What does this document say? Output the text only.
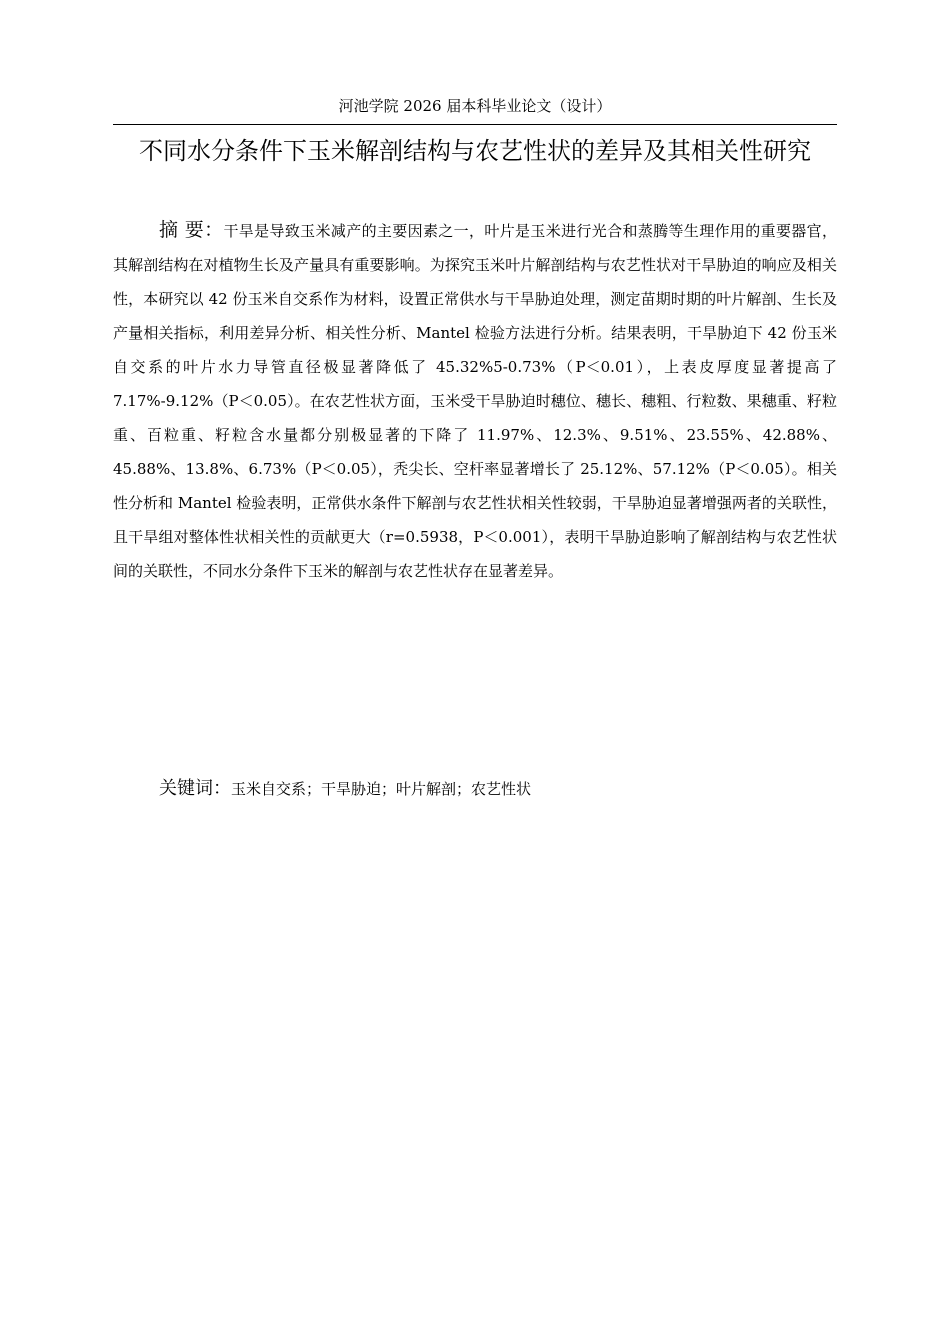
河池学院 2026 届本科毕业论文（设计）
不同水分条件下玉米解剖结构与农艺性状的差异及其相关性研究

摘 要：干旱是导致玉米减产的主要因素之一，叶片是玉米进行光合和蒸腾等生理作用的重要器官，其解剖结构在对植物生长及产量具有重要影响。为探究玉米叶片解剖结构与农艺性状对干旱胁迫的响应及相关性，本研究以 42 份玉米自交系作为材料，设置正常供水与干旱胁迫处理，测定苗期时期的叶片解剖、生长及产量相关指标，利用差异分析、相关性分析、Mantel 检验方法进行分析。结果表明，干旱胁迫下 42 份玉米自交系的叶片水力导管直径极显著降低了 45.32%5-0.73%（P＜0.01），上表皮厚度显著提高了 7.17%-9.12%（P＜0.05）。在农艺性状方面，玉米受干旱胁迫时穗位、穗长、穗粗、行粒数、果穗重、籽粒重、百粒重、籽粒含水量都分别极显著的下降了 11.97%、12.3%、9.51%、23.55%、42.88%、45.88%、13.8%、6.73%（P＜0.05），秃尖长、空杆率显著增长了 25.12%、57.12%（P＜0.05）。相关性分析和 Mantel 检验表明，正常供水条件下解剖与农艺性状相关性较弱，干旱胁迫显著增强两者的关联性，且干旱组对整体性状相关性的贡献更大（r=0.5938，P＜0.001），表明干旱胁迫影响了解剖结构与农艺性状间的关联性，不同水分条件下玉米的解剖与农艺性状存在显著差异。

关键词：玉米自交系；干旱胁迫；叶片解剖；农艺性状
